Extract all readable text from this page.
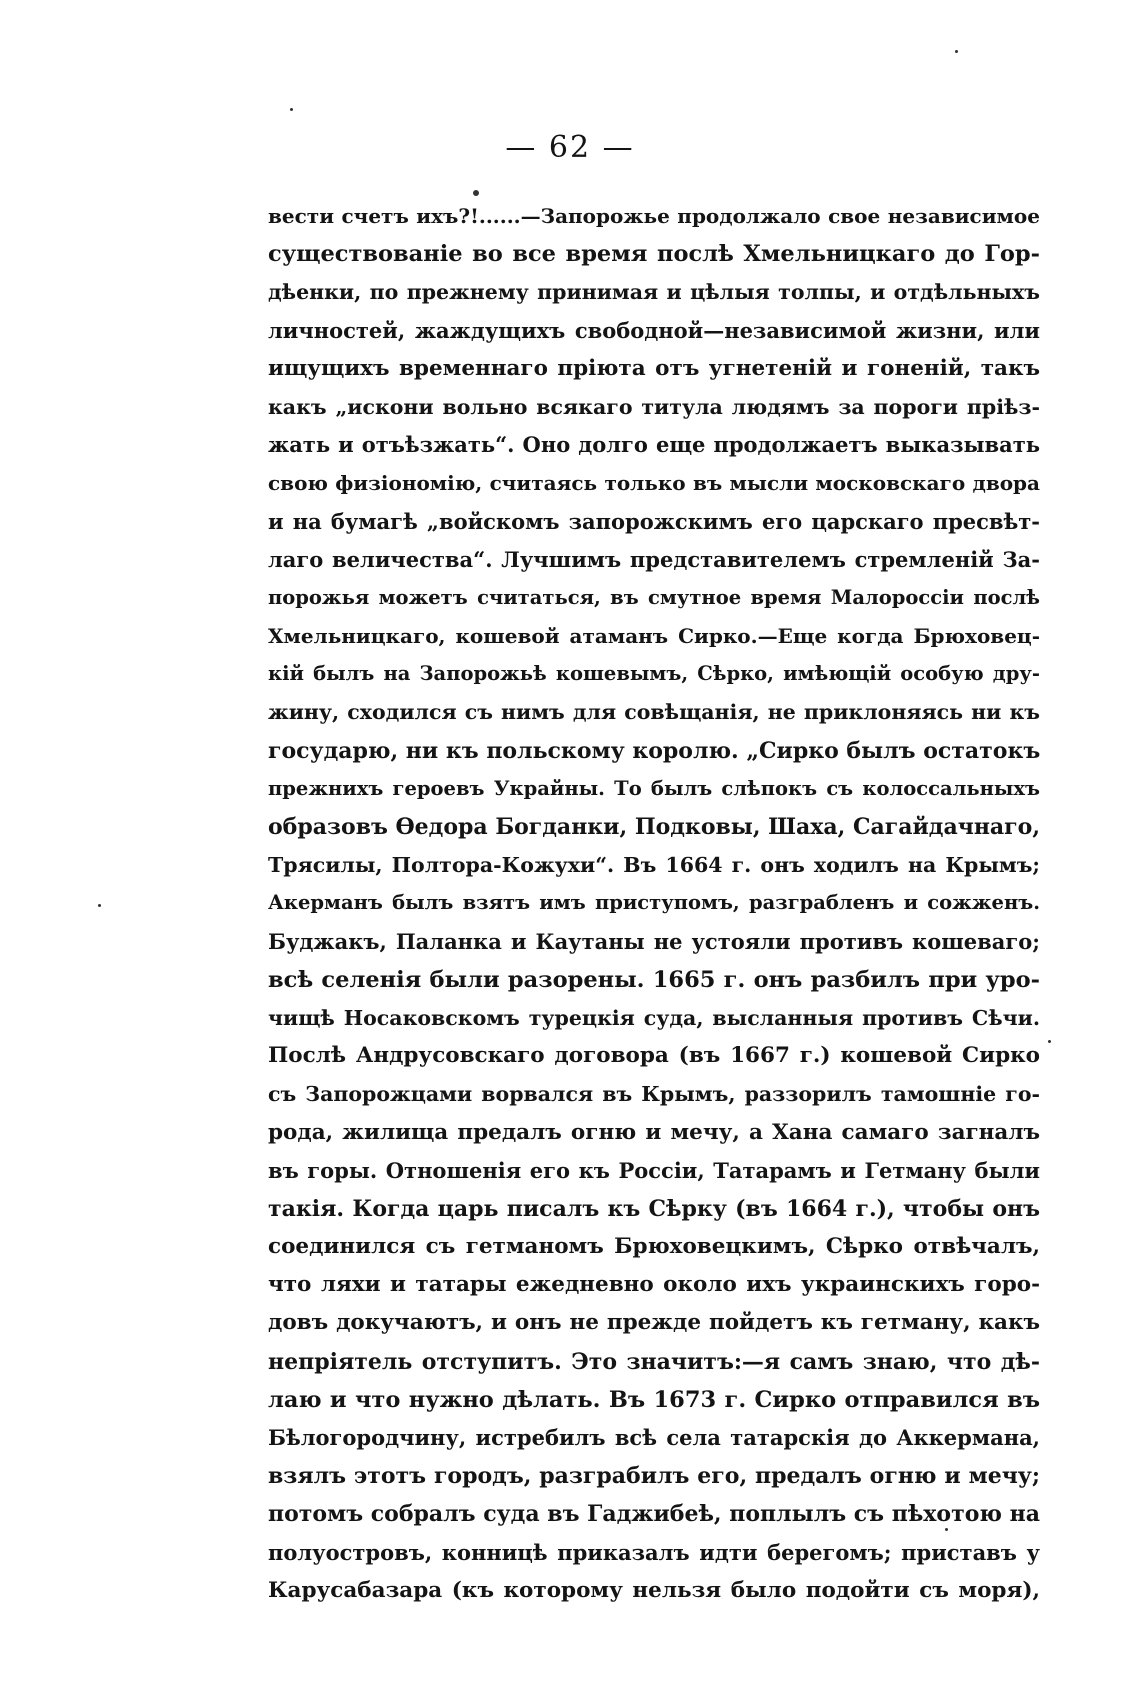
— 62 —
вести счетъ ихъ?!......—Запорожье продолжало свое независимое
существованіе во все время послѣ Хмельницкаго до Гор-
дѣенки, по прежнему принимая и цѣлыя толпы, и отдѣльныхъ
личностей, жаждущихъ свободной—независимой жизни, или
ищущихъ временнаго пріюта отъ угнетеній и гоненій, такъ
какъ „искони вольно всякаго титула людямъ за пороги пріѣз-
жать и отъѣзжать“. Оно долго еще продолжаетъ выказывать
свою физіономію, считаясь только въ мысли московскаго двора
и на бумагѣ „войскомъ запорожскимъ его царскаго пресвѣт-
лаго величества“. Лучшимъ представителемъ стремленій За-
порожья можетъ считаться, въ смутное время Малороссіи послѣ
Хмельницкаго, кошевой атаманъ Сирко.—Еще когда Брюховец-
кій былъ на Запорожьѣ кошевымъ, Сѣрко, имѣющій особую дру-
жину, сходился съ нимъ для совѣщанія, не приклоняясь ни къ
государю, ни къ польскому королю. „Сирко былъ остатокъ
прежнихъ героевъ Украйны. То былъ слѣпокъ съ колоссальныхъ
образовъ Ѳедора Богданки, Подковы, Шаха, Сагайдачнаго,
Трясилы, Полтора-Кожухи“. Въ 1664 г. онъ ходилъ на Крымъ;
Акерманъ былъ взятъ имъ приступомъ, разграбленъ и сожженъ.
Буджакъ, Паланка и Каутаны не устояли противъ кошеваго;
всѣ селенія были разорены. 1665 г. онъ разбилъ при уро-
чищѣ Носаковскомъ турецкія суда, высланныя противъ Сѣчи.
Послѣ Андрусовскаго договора (въ 1667 г.) кошевой Сирко
съ Запорожцами ворвался въ Крымъ, раззорилъ тамошніе го-
рода, жилища предалъ огню и мечу, а Хана самаго загналъ
въ горы. Отношенія его къ Россіи, Татарамъ и Гетману были
такія. Когда царь писалъ къ Сѣрку (въ 1664 г.), чтобы онъ
соединился съ гетманомъ Брюховецкимъ, Сѣрко отвѣчалъ,
что ляхи и татары ежедневно около ихъ украинскихъ горо-
довъ докучаютъ, и онъ не прежде пойдетъ къ гетману, какъ
непріятель отступитъ. Это значитъ:—я самъ знаю, что дѣ-
лаю и что нужно дѣлать. Въ 1673 г. Сирко отправился въ
Бѣлогородчину, истребилъ всѣ села татарскія до Аккермана,
взялъ этотъ городъ, разграбилъ его, предалъ огню и мечу;
потомъ собралъ суда въ Гаджибеѣ, поплылъ съ пѣхотою на
полуостровъ, конницѣ приказалъ идти берегомъ; приставъ у
Карусабазара (къ которому нельзя было подойти съ моря),
